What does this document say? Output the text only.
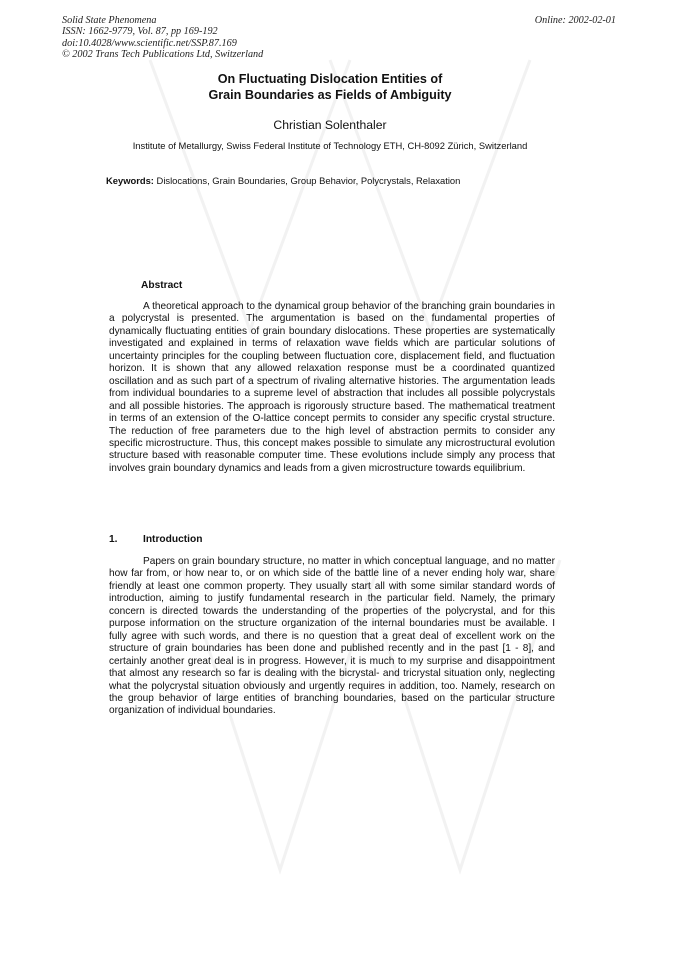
Solid State Phenomena
ISSN: 1662-9779, Vol. 87, pp 169-192
doi:10.4028/www.scientific.net/SSP.87.169
© 2002 Trans Tech Publications Ltd, Switzerland
Online: 2002-02-01
On Fluctuating Dislocation Entities of
Grain Boundaries as Fields of Ambiguity
Christian Solenthaler
Institute of Metallurgy, Swiss Federal Institute of Technology ETH, CH-8092 Zürich, Switzerland
Keywords: Dislocations, Grain Boundaries, Group Behavior, Polycrystals, Relaxation
Abstract
A theoretical approach to the dynamical group behavior of the branching grain boundaries in a polycrystal is presented. The argumentation is based on the fundamental properties of dynamically fluctuating entities of grain boundary dislocations. These properties are systematically investigated and explained in terms of relaxation wave fields which are particular solutions of uncertainty principles for the coupling between fluctuation core, displacement field, and fluctuation horizon. It is shown that any allowed relaxation response must be a coordinated quantized oscillation and as such part of a spectrum of rivaling alternative histories. The argumentation leads from individual boundaries to a supreme level of abstraction that includes all possible polycrystals and all possible histories. The approach is rigorously structure based. The mathematical treatment in terms of an extension of the O-lattice concept permits to consider any specific crystal structure. The reduction of free parameters due to the high level of abstraction permits to consider any specific microstructure. Thus, this concept makes possible to simulate any microstructural evolution structure based with reasonable computer time. These evolutions include simply any process that involves grain boundary dynamics and leads from a given microstructure towards equilibrium.
1.	Introduction
Papers on grain boundary structure, no matter in which conceptual language, and no matter how far from, or how near to, or on which side of the battle line of a never ending holy war, share friendly at least one common property. They usually start all with some similar standard words of introduction, aiming to justify fundamental research in the particular field. Namely, the primary concern is directed towards the understanding of the properties of the polycrystal, and for this purpose information on the structure organization of the internal boundaries must be available. I fully agree with such words, and there is no question that a great deal of excellent work on the structure of grain boundaries has been done and published recently and in the past [1 - 8], and certainly another great deal is in progress. However, it is much to my surprise and disappointment that almost any research so far is dealing with the bicrystal- and tricrystal situation only, neglecting what the polycrystal situation obviously and urgently requires in addition, too. Namely, research on the group behavior of large entities of branching boundaries, based on the particular structure organization of individual boundaries.
